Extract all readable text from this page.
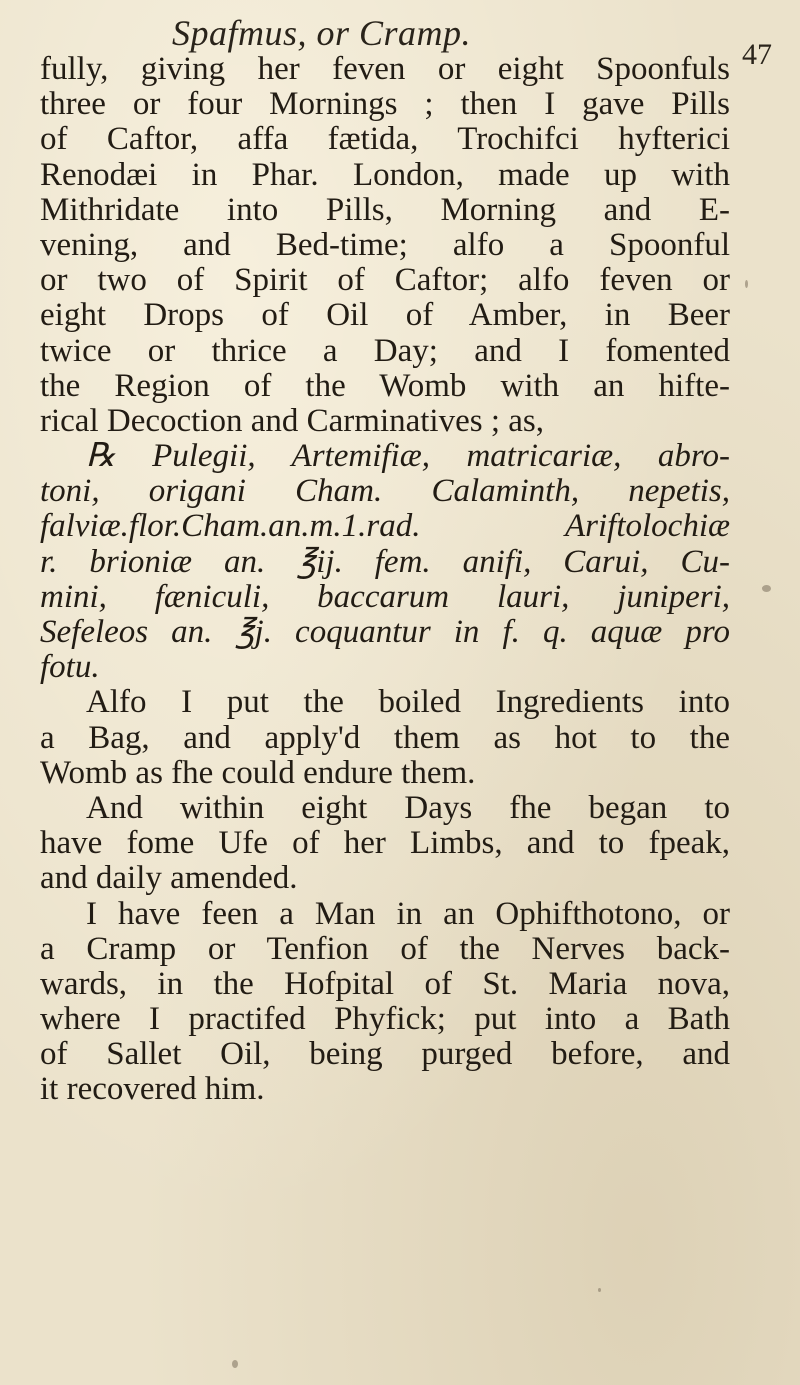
Spafmus, or Cramp.
47
fully, giving her feven or eight Spoonfuls
three or four Mornings ; then I gave Pills
of Caftor, affa fætida, Trochifci hyfterici
Renodæi in Phar. London, made up with
Mithridate into Pills, Morning and E-
vening, and Bed-time; alfo a Spoonful
or two of Spirit of Caftor; alfo feven or
eight Drops of Oil of Amber, in Beer
twice or thrice a Day; and I fomented
the Region of the Womb with an hifte-
rical Decoction and Carminatives ; as,
℞ Pulegii, Artemifiæ, matricariæ, abro-
toni, origani Cham. Calaminth, nepetis,
falviæ.flor.Cham.an.m.1.rad. Ariftolochiæ
r. brioniæ an. ℥ij. fem. anifi, Carui, Cu-
mini, fæniculi, baccarum lauri, juniperi,
Sefeleos an. ℥j. coquantur in f. q. aquæ pro
fotu.
Alfo I put the boiled Ingredients into
a Bag, and apply'd them as hot to the
Womb as fhe could endure them.
And within eight Days fhe began to
have fome Ufe of her Limbs, and to fpeak,
and daily amended.
I have feen a Man in an Ophifthotono, or
a Cramp or Tenfion of the Nerves back-
wards, in the Hofpital of St. Maria nova,
where I practifed Phyfick; put into a Bath
of Sallet Oil, being purged before, and
it recovered him.
